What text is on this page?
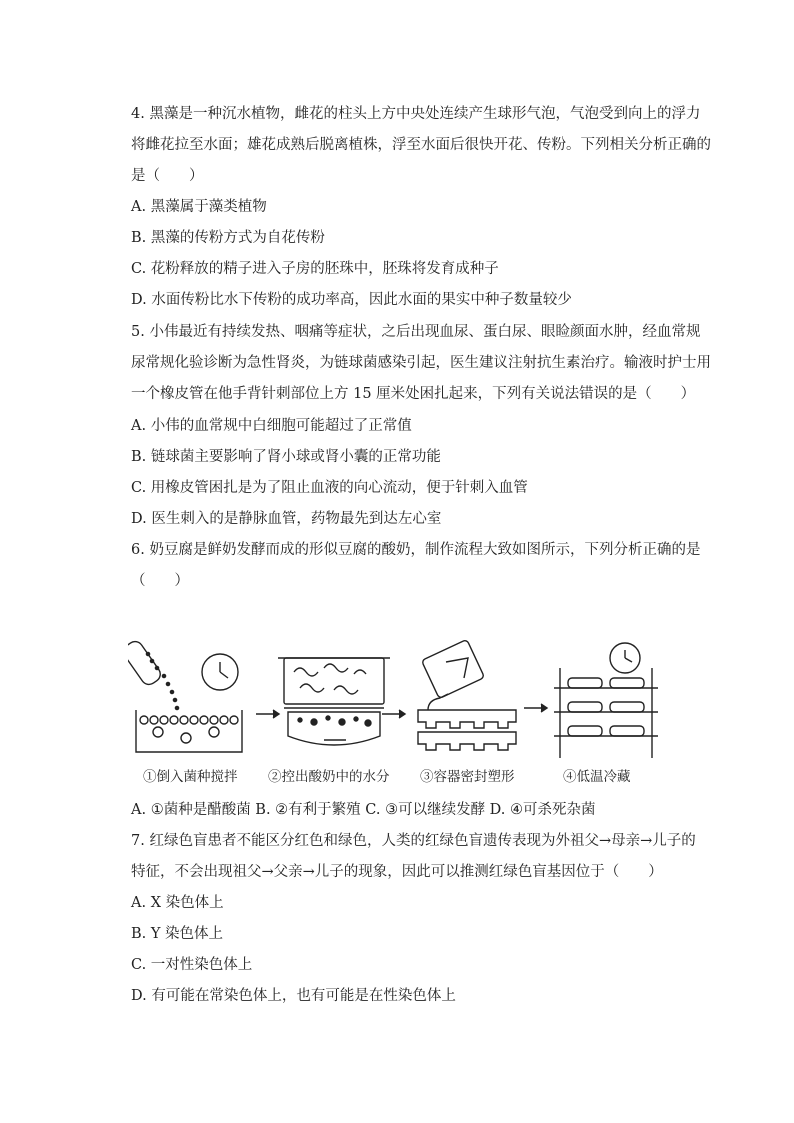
4. 黑藻是一种沉水植物，雌花的柱头上方中央处连续产生球形气泡，气泡受到向上的浮力
将雌花拉至水面；雄花成熟后脱离植株，浮至水面后很快开花、传粉。下列相关分析正确的
是（　　）
A. 黑藻属于藻类植物
B. 黑藻的传粉方式为自花传粉
C. 花粉释放的精子进入子房的胚珠中，胚珠将发育成种子
D. 水面传粉比水下传粉的成功率高，因此水面的果实中种子数量较少
5. 小伟最近有持续发热、咽痛等症状，之后出现血尿、蛋白尿、眼睑颜面水肿，经血常规
尿常规化验诊断为急性肾炎，为链球菌感染引起，医生建议注射抗生素治疗。输液时护士用
一个橡皮管在他手背针刺部位上方 15 厘米处困扎起来，下列有关说法错误的是（　　）
A. 小伟的血常规中白细胞可能超过了正常值
B. 链球菌主要影响了肾小球或肾小囊的正常功能
C. 用橡皮管困扎是为了阻止血液的向心流动，便于针刺入血管
D. 医生刺入的是静脉血管，药物最先到达左心室
6. 奶豆腐是鲜奶发酵而成的形似豆腐的酸奶，制作流程大致如图所示，下列分析正确的是
（　　）
①倒入菌种搅拌 ②控出酸奶中的水分 ③容器密封塑形	④低温冷藏
A. ①菌种是醋酸菌 B. ②有利于繁殖 C. ③可以继续发酵 D. ④可杀死杂菌
7. 红绿色盲患者不能区分红色和绿色，人类的红绿色盲遗传表现为外祖父→母亲→儿子的
特征，不会出现祖父→父亲→儿子的现象，因此可以推测红绿色盲基因位于（　　）
A. X 染色体上
B. Y 染色体上
C. 一对性染色体上
D. 有可能在常染色体上，也有可能是在性染色体上
